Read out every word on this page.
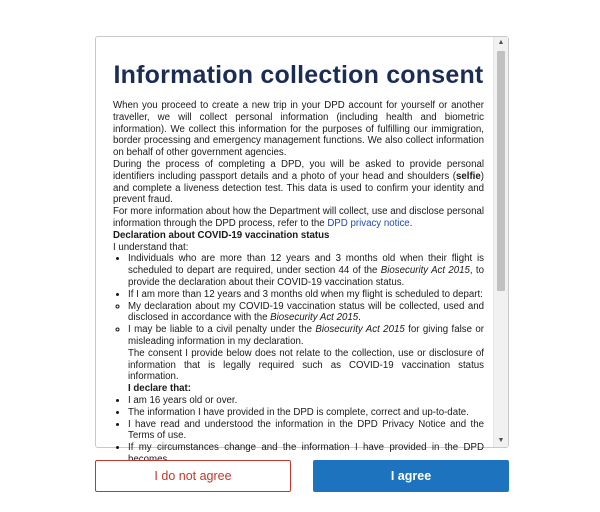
Information collection consent

When you proceed to create a new trip in your DPD account for yourself or another traveller, we will collect personal information (including health and biometric information). We collect this information for the purposes of fulfilling our immigration, border processing and emergency management functions. We also collect information on behalf of other government agencies.

During the process of completing a DPD, you will be asked to provide personal identifiers including passport details and a photo of your head and shoulders (selfie) and complete a liveness detection test. This data is used to confirm your identity and prevent fraud.

For more information about how the Department will collect, use and disclose personal information through the DPD process, refer to the DPD privacy notice.

Declaration about COVID-19 vaccination status

I understand that:

• Individuals who are more than 12 years and 3 months old when their flight is scheduled to depart are required, under section 44 of the Biosecurity Act 2015, to provide the declaration about their COVID-19 vaccination status.
• If I am more than 12 years and 3 months old when my flight is scheduled to depart:
◦ My declaration about my COVID-19 vaccination status will be collected, used and disclosed in accordance with the Biosecurity Act 2015.
◦ I may be liable to a civil penalty under the Biosecurity Act 2015 for giving false or misleading information in my declaration.

The consent I provide below does not relate to the collection, use or disclosure of information that is legally required such as COVID-19 vaccination status information.

I declare that:

• I am 16 years old or over.
• The information I have provided in the DPD is complete, correct and up-to-date.
• I have read and understood the information in the DPD Privacy Notice and the Terms of use.
• If my circumstances change and the information I have provided in the DPD
▲
▼
I do not agree	I agree
